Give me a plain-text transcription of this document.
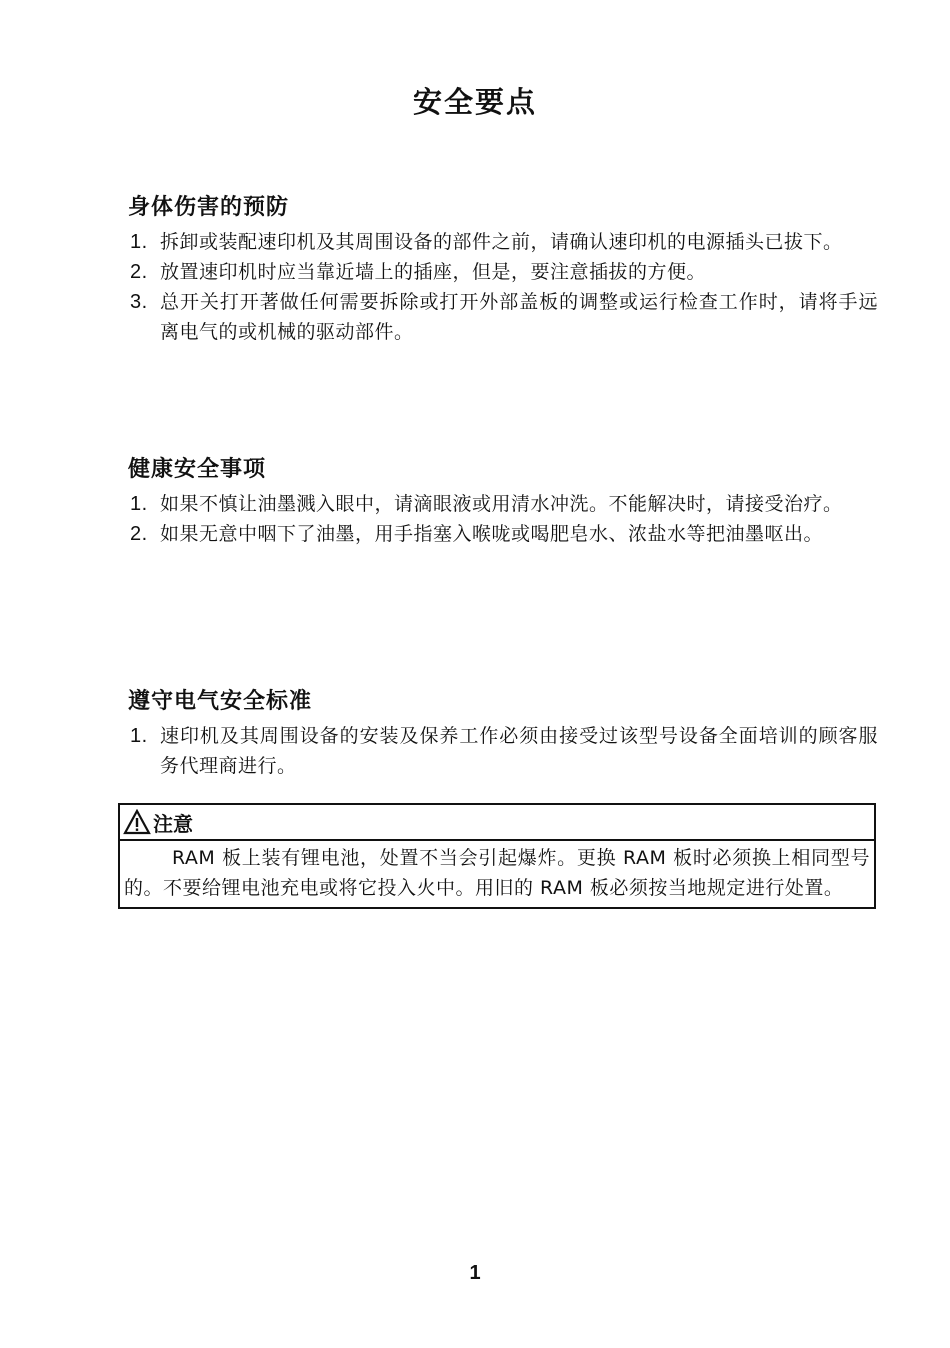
安全要点
身体伤害的预防
1. 拆卸或装配速印机及其周围设备的部件之前，请确认速印机的电源插头已拔下。
2. 放置速印机时应当靠近墙上的插座，但是，要注意插拔的方便。
3. 总开关打开著做任何需要拆除或打开外部盖板的调整或运行检查工作时，请将手远离电气的或机械的驱动部件。
健康安全事项
1. 如果不慎让油墨溅入眼中，请滴眼液或用清水冲洗。不能解决时，请接受治疗。
2. 如果无意中咽下了油墨，用手指塞入喉咙或喝肥皂水、浓盐水等把油墨呕出。
遵守电气安全标准
1. 速印机及其周围设备的安装及保养工作必须由接受过该型号设备全面培训的顾客服务代理商进行。
注意
RAM 板上装有锂电池，处置不当会引起爆炸。更换 RAM 板时必须换上相同型号的。不要给锂电池充电或将它投入火中。用旧的 RAM 板必须按当地规定进行处置。
1
